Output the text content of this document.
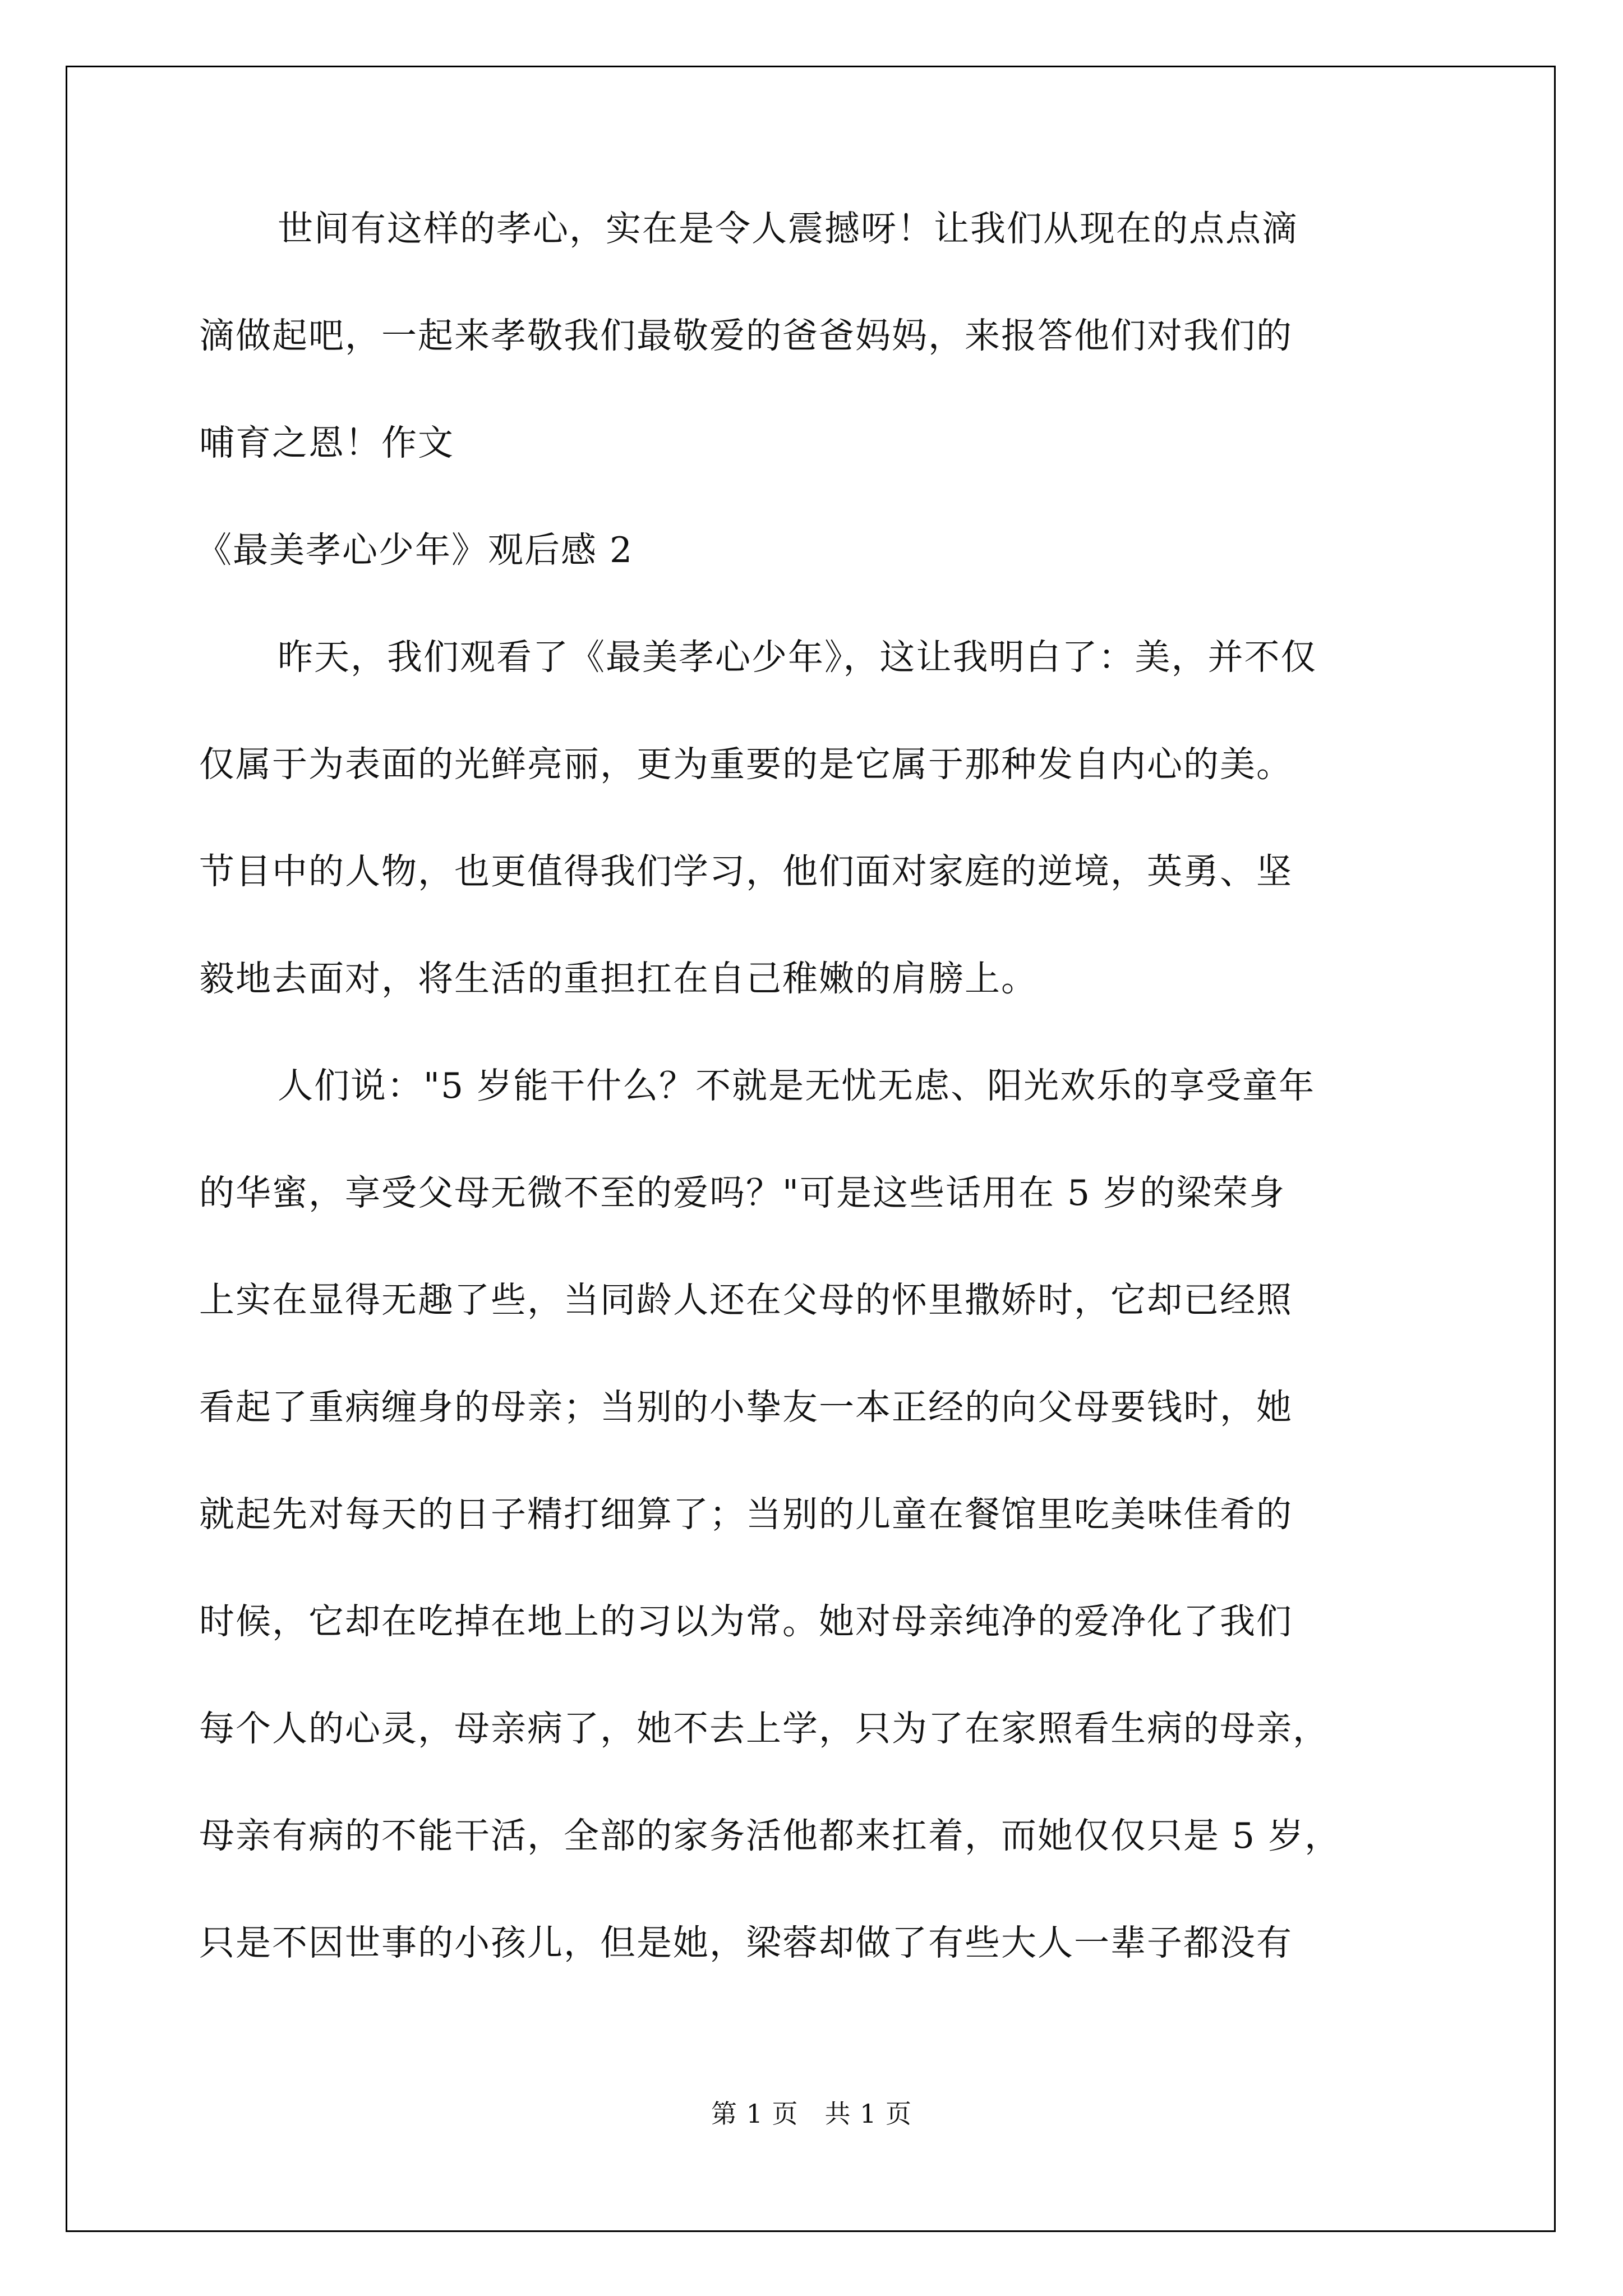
世间有这样的孝心，实在是令人震撼呀！让我们从现在的点点滴
滴做起吧，一起来孝敬我们最敬爱的爸爸妈妈，来报答他们对我们的
哺育之恩！作文
《最美孝心少年》观后感 2
昨天，我们观看了《最美孝心少年》，这让我明白了：美，并不仅
仅属于为表面的光鲜亮丽，更为重要的是它属于那种发自内心的美。
节目中的人物，也更值得我们学习，他们面对家庭的逆境，英勇、坚
毅地去面对，将生活的重担扛在自己稚嫩的肩膀上。
人们说："5 岁能干什么？不就是无忧无虑、阳光欢乐的享受童年
的华蜜，享受父母无微不至的爱吗？"可是这些话用在 5 岁的梁荣身
上实在显得无趣了些，当同龄人还在父母的怀里撒娇时，它却已经照
看起了重病缠身的母亲；当别的小挚友一本正经的向父母要钱时，她
就起先对每天的日子精打细算了；当别的儿童在餐馆里吃美味佳肴的
时候，它却在吃掉在地上的习以为常。她对母亲纯净的爱净化了我们
每个人的心灵，母亲病了，她不去上学，只为了在家照看生病的母亲，
母亲有病的不能干活，全部的家务活他都来扛着，而她仅仅只是 5 岁，
只是不因世事的小孩儿，但是她，梁蓉却做了有些大人一辈子都没有
第 1 页　共 1 页
